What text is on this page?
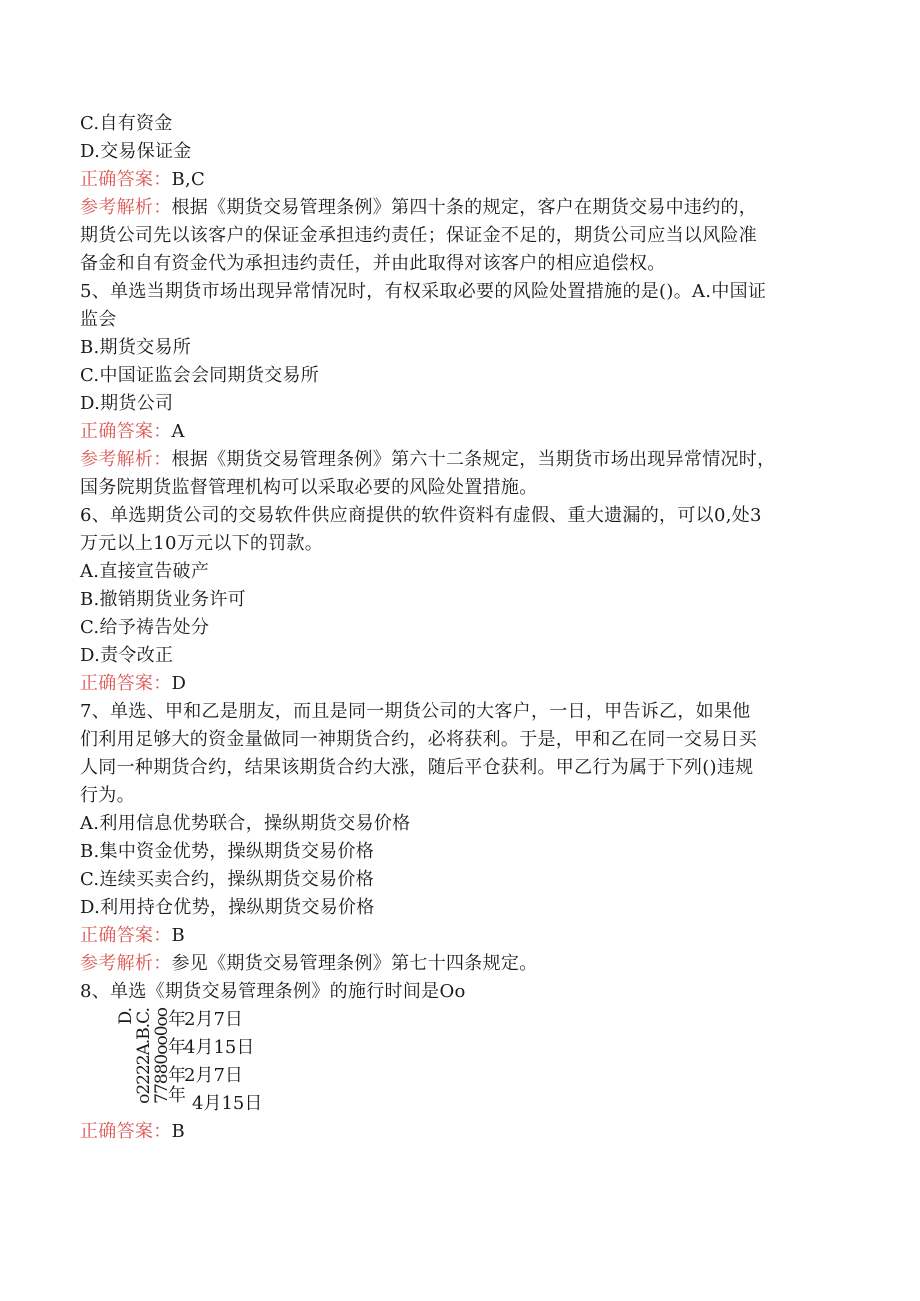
C.自有资金
D.交易保证金
正确答案：B,C
参考解析：根据《期货交易管理条例》第四十条的规定，客户在期货交易中违约的，
期货公司先以该客户的保证金承担违约责任；保证金不足的，期货公司应当以风险准
备金和自有资金代为承担违约责任，并由此取得对该客户的相应追偿权。
5、单选当期货市场出现异常情况时，有权采取必要的风险处置措施的是()。A.中国证
监会
B.期货交易所
C.中国证监会会同期货交易所
D.期货公司
正确答案：A
参考解析：根据《期货交易管理条例》第六十二条规定，当期货市场出现异常情况时，
国务院期货监督管理机构可以采取必要的风险处置措施。
6、单选期货公司的交易软件供应商提供的软件资料有虚假、重大遗漏的，可以0,处3
万元以上10万元以下的罚款。
A.直接宣告破产
B.撤销期货业务许可
C.给予祷告处分
D.责令改正
正确答案：D
7、单选、甲和乙是朋友，而且是同一期货公司的大客户，一日，甲告诉乙，如果他
们利用足够大的资金量做同一神期货合约，必将获利。于是，甲和乙在同一交易日买
人同一种期货合约，结果该期货合约大涨，随后平仓获利。甲乙行为属于下列()违规
行为。
A.利用信息优势联合，操纵期货交易价格
B.集中资金优势，操纵期货交易价格
C.连续买卖合约，操纵期货交易价格
D.利用持仓优势，操纵期货交易价格
正确答案：B
参考解析：参见《期货交易管理条例》第七十四条规定。
8、单选《期货交易管理条例》的施行时间是Oo
D.
o2222A.B.C.
77880oo0oo
年
年
年
年
2月7日
4月15日
2月7日
4月15日
正确答案：B
